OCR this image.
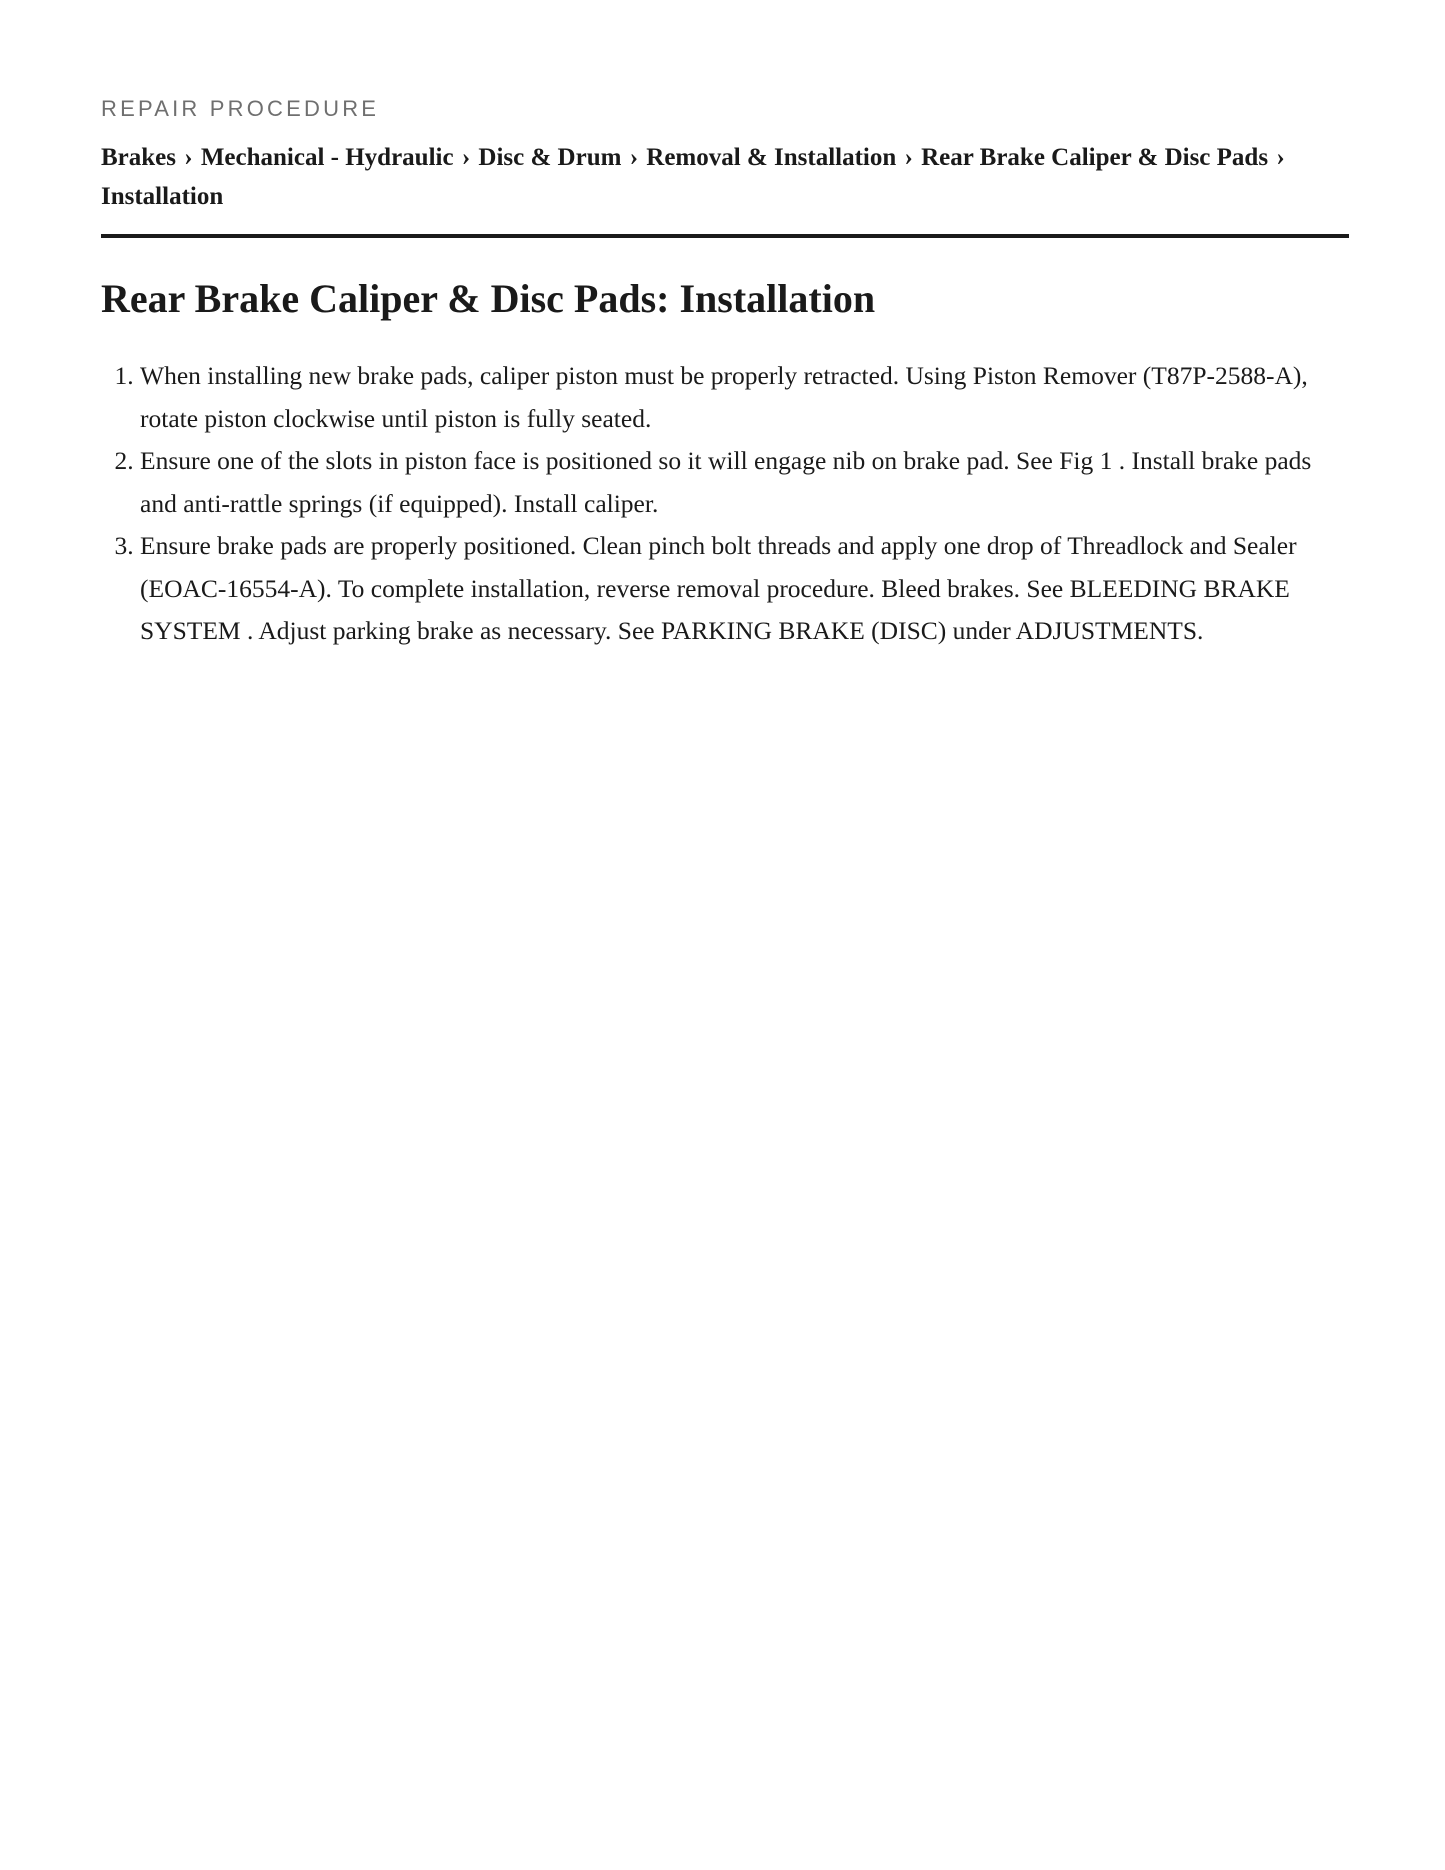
REPAIR PROCEDURE

Brakes › Mechanical - Hydraulic › Disc & Drum › Removal & Installation › Rear Brake Caliper & Disc Pads › Installation
Rear Brake Caliper & Disc Pads: Installation
1. When installing new brake pads, caliper piston must be properly retracted. Using Piston Remover (T87P-2588-A), rotate piston clockwise until piston is fully seated.
2. Ensure one of the slots in piston face is positioned so it will engage nib on brake pad. See Fig 1 . Install brake pads and anti-rattle springs (if equipped). Install caliper.
3. Ensure brake pads are properly positioned. Clean pinch bolt threads and apply one drop of Threadlock and Sealer (EOAC-16554-A). To complete installation, reverse removal procedure. Bleed brakes. See BLEEDING BRAKE SYSTEM . Adjust parking brake as necessary. See PARKING BRAKE (DISC) under ADJUSTMENTS.
